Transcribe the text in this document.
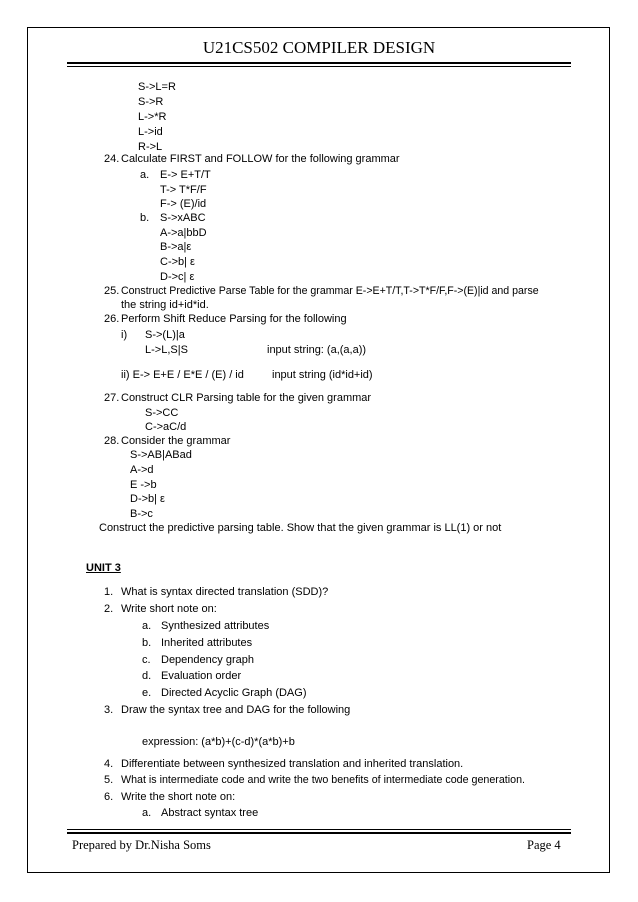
U21CS502 COMPILER DESIGN
S->L=R
S->R
L->*R
L->id
R->L
24. Calculate FIRST and FOLLOW for the following grammar
a. E-> E+T/T
T-> T*F/F
F-> (E)/id
b. S->xABC
A->a|bbD
B->a|ε
C->b| ε
D->c| ε
25. Construct Predictive Parse Table for the grammar E->E+T/T,T->T*F/F,F->(E)|id and parse
the string id+id*id.
26. Perform Shift Reduce Parsing for the following
i) S->(L)|a
L->L,S|S	input string: (a,(a,a))
ii) E-> E+E / E*E / (E) / id	input string (id*id+id)
27. Construct CLR Parsing table for the given grammar
S->CC
C->aC/d
28. Consider the grammar
S->AB|ABad
A->d
E ->b
D->b| ε
B->c
Construct the predictive parsing table. Show that the given grammar is LL(1) or not
UNIT 3
1. What is syntax directed translation (SDD)?
2. Write short note on:
a. Synthesized attributes
b. Inherited attributes
c. Dependency graph
d. Evaluation order
e. Directed Acyclic Graph (DAG)
3. Draw the syntax tree and DAG for the following
expression: (a*b)+(c-d)*(a*b)+b
4. Differentiate between synthesized translation and inherited translation.
5. What is intermediate code and write the two benefits of intermediate code generation.
6. Write the short note on:
a. Abstract syntax tree
Prepared by Dr.Nisha Soms	Page 4
